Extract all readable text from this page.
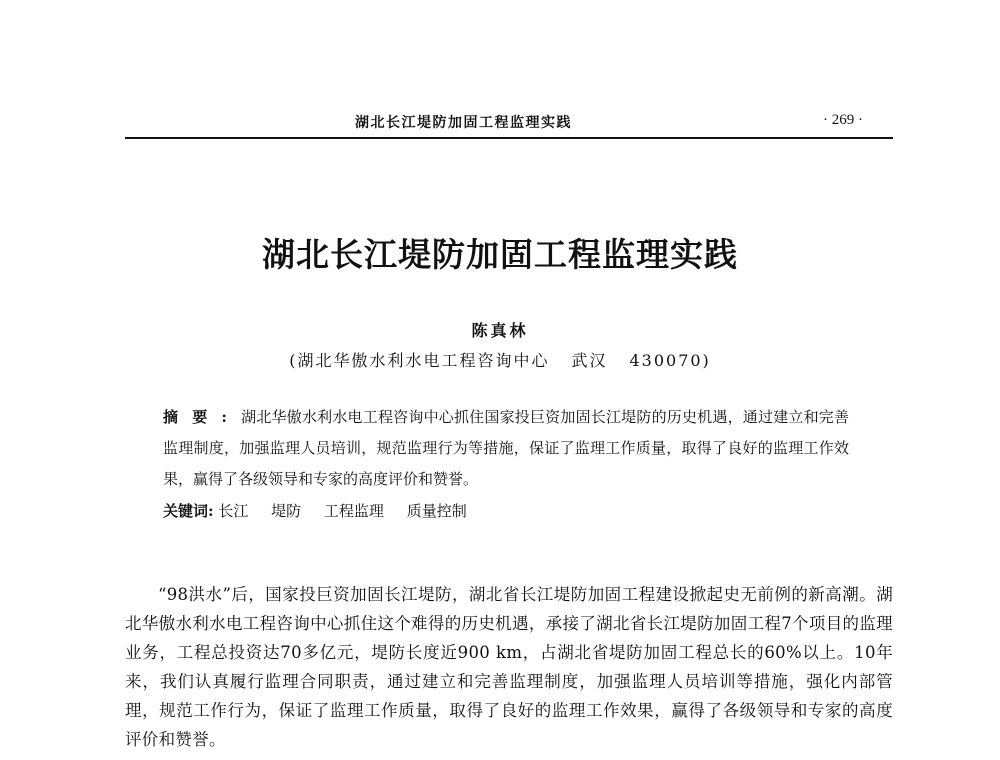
湖北长江堤防加固工程监理实践	· 269 ·
湖北长江堤防加固工程监理实践
陈真林
(湖北华傲水利水电工程咨询中心 武汉 430070)
摘要:湖北华傲水利水电工程咨询中心抓住国家投巨资加固长江堤防的历史机遇，通过建立和完善监理制度，加强监理人员培训，规范监理行为等措施，保证了监理工作质量，取得了良好的监理工作效果，赢得了各级领导和专家的高度评价和赞誉。
关键词: 长江 堤防 工程监理 质量控制

“98洪水”后，国家投巨资加固长江堤防，湖北省长江堤防加固工程建设掀起史无前例的新高潮。湖北华傲水利水电工程咨询中心抓住这个难得的历史机遇，承接了湖北省长江堤防加固工程7个项目的监理业务，工程总投资达70多亿元，堤防长度近900 km，占湖北省堤防加固工程总长的60%以上。10年来，我们认真履行监理合同职责，通过建立和完善监理制度，加强监理人员培训等措施，强化内部管理，规范工作行为，保证了监理工作质量，取得了良好的监理工作效果，赢得了各级领导和专家的高度评价和赞誉。
